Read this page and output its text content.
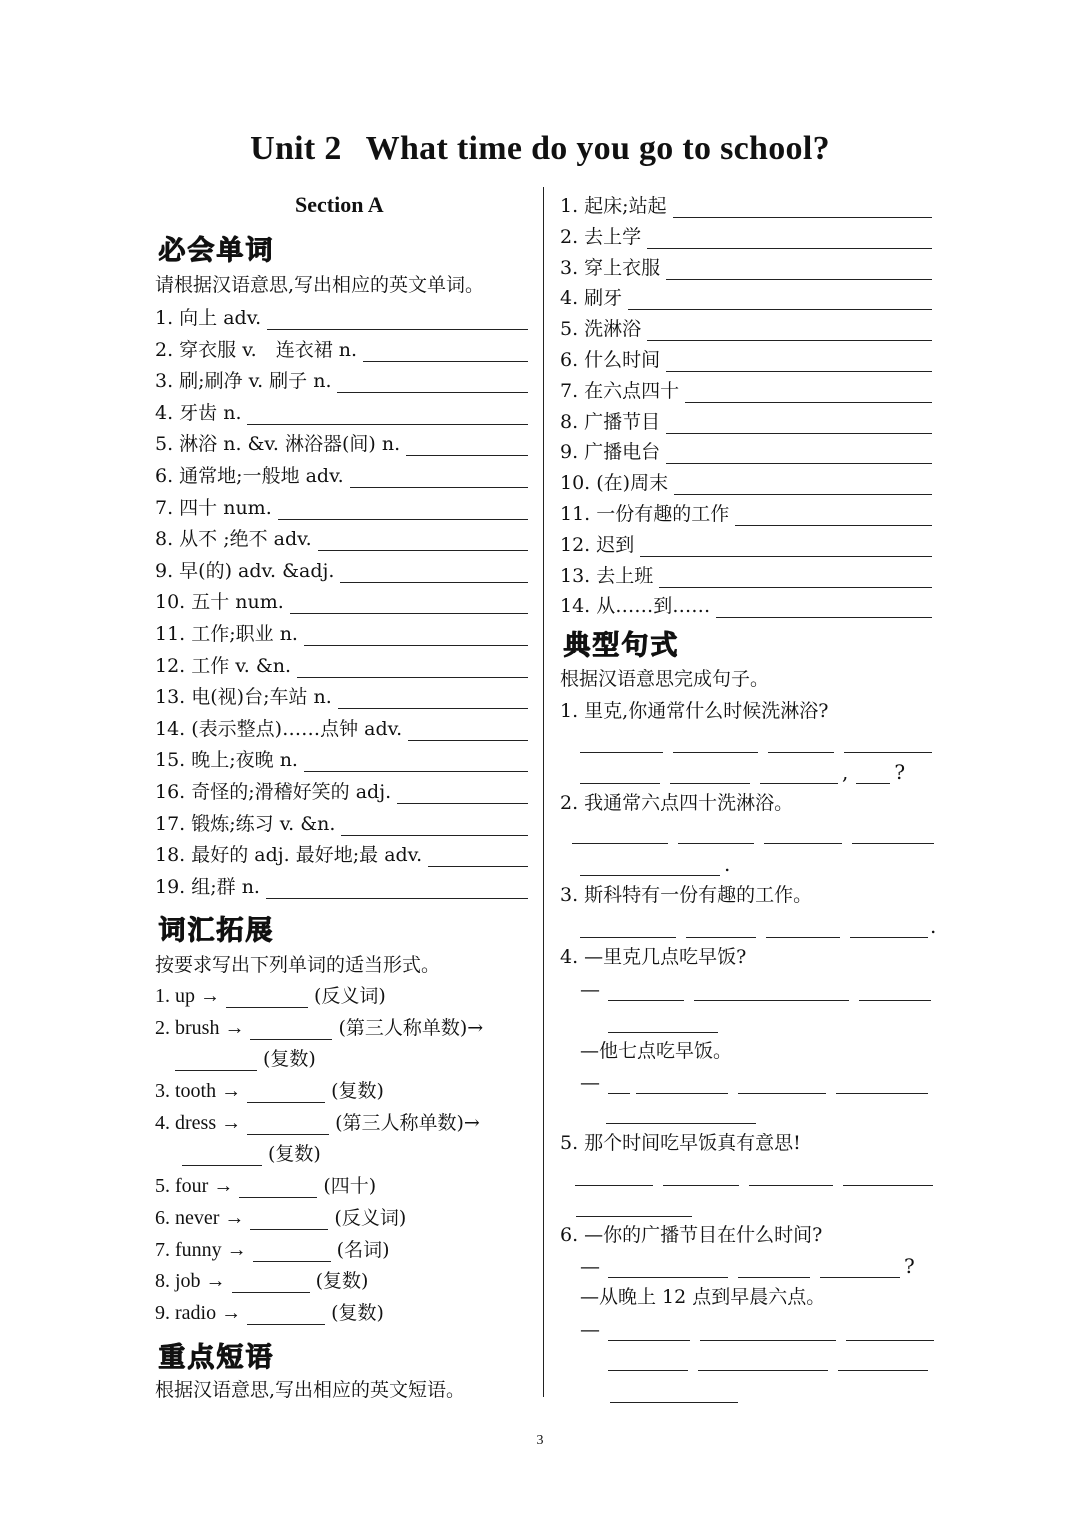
Unit 2 What time do you go to school?
Section A
必会单词
请根据汉语意思,写出相应的英文单词。
1. 向上 adv.
2. 穿衣服 v.　连衣裙 n.
3. 刷;刷净 v. 刷子 n.
4. 牙齿 n.
5. 淋浴 n. &v. 淋浴器(间) n.
6. 通常地;一般地 adv.
7. 四十 num.
8. 从不 ;绝不 adv.
9. 早(的) adv. &adj.
10. 五十 num.
11. 工作;职业 n.
12. 工作 v. &n.
13. 电(视)台;车站 n.
14. (表示整点)……点钟 adv.
15. 晚上;夜晚 n.
16. 奇怪的;滑稽好笑的 adj.
17. 锻炼;练习 v. &n.
18. 最好的 adj. 最好地;最 adv.
19. 组;群 n.
词汇拓展
按要求写出下列单词的适当形式。
1. up →	(反义词)
2. brush →	(第三人称单数)→
(复数)
3. tooth →	(复数)
4. dress →	(第三人称单数)→
(复数)
5. four →	(四十)
6. never →	(反义词)
7. funny →	(名词)
8. job →	(复数)
9. radio →	(复数)
重点短语
根据汉语意思,写出相应的英文短语。
1. 起床;站起
2. 去上学
3. 穿上衣服
4. 刷牙
5. 洗淋浴
6. 什么时间
7. 在六点四十
8. 广播节目
9. 广播电台
10. (在)周末
11. 一份有趣的工作
12. 迟到
13. 去上班
14. 从……到……
典型句式
根据汉语意思完成句子。
1. 里克,你通常什么时候洗淋浴?
, ?
2. 我通常六点四十洗淋浴。
.
3. 斯科特有一份有趣的工作。
.
4. —里克几点吃早饭?
—
—他七点吃早饭。
—
5. 那个时间吃早饭真有意思!
6. —你的广播节目在什么时间?
—	?
—从晚上 12 点到早晨六点。
—
3
